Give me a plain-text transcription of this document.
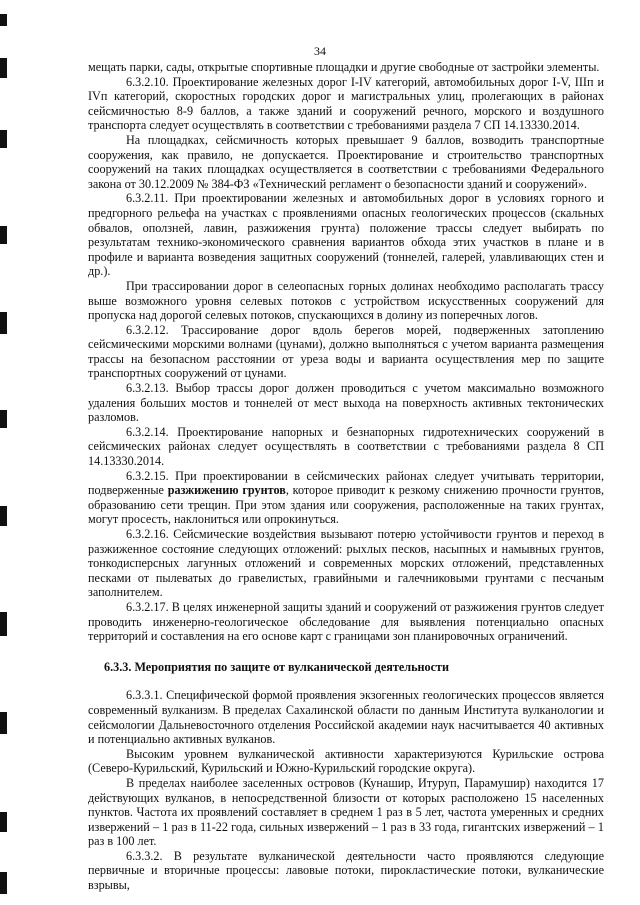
34

мещать парки, сады, открытые спортивные площадки и другие свободные от застройки элементы.

6.3.2.10. Проектирование железных дорог I-IV категорий, автомобильных дорог I-V, IIIп и IVп категорий, скоростных городских дорог и магистральных улиц, пролегающих в районах сейсмичностью 8-9 баллов, а также зданий и сооружений речного, морского и воздушного транспорта следует осуществлять в соответствии с требованиями раздела 7 СП 14.13330.2014.

На площадках, сейсмичность которых превышает 9 баллов, возводить транспортные сооружения, как правило, не допускается. Проектирование и строительство транспортных сооружений на таких площадках осуществляется в соответствии с требованиями Федерального закона от 30.12.2009 № 384-ФЗ «Технический регламент о безопасности зданий и сооружений».

6.3.2.11. При проектировании железных и автомобильных дорог в условиях горного и предгорного рельефа на участках с проявлениями опасных геологических процессов (скальных обвалов, оползней, лавин, разжижения грунта) положение трассы следует выбирать по результатам технико-экономического сравнения вариантов обхода этих участков в плане и в профиле и варианта возведения защитных сооружений (тоннелей, галерей, улавливающих стен и др.).

При трассировании дорог в селеопасных горных долинах необходимо располагать трассу выше возможного уровня селевых потоков с устройством искусственных сооружений для пропуска над дорогой селевых потоков, спускающихся в долину из поперечных логов.

6.3.2.12. Трассирование дорог вдоль берегов морей, подверженных затоплению сейсмическими морскими волнами (цунами), должно выполняться с учетом варианта размещения трассы на безопасном расстоянии от уреза воды и варианта осуществления мер по защите транспортных сооружений от цунами.

6.3.2.13. Выбор трассы дорог должен проводиться с учетом максимально возможного удаления больших мостов и тоннелей от мест выхода на поверхность активных тектонических разломов.

6.3.2.14. Проектирование напорных и безнапорных гидротехнических сооружений в сейсмических районах следует осуществлять в соответствии с требованиями раздела 8 СП 14.13330.2014.

6.3.2.15. При проектировании в сейсмических районах следует учитывать территории, подверженные разжижению грунтов, которое приводит к резкому снижению прочности грунтов, образованию сети трещин. При этом здания или сооружения, расположенные на таких грунтах, могут просесть, наклониться или опрокинуться.

6.3.2.16. Сейсмические воздействия вызывают потерю устойчивости грунтов и переход в разжиженное состояние следующих отложений: рыхлых песков, насыпных и намывных грунтов, тонкодисперсных лагунных отложений и современных морских отложений, представленных песками от пылеватых до гравелистых, гравийными и галечниковыми грунтами с песчаным заполнителем.

6.3.2.17. В целях инженерной защиты зданий и сооружений от разжижения грунтов следует проводить инженерно-геологическое обследование для выявления потенциально опасных территорий и составления на его основе карт с границами зон планировочных ограничений.

6.3.3. Мероприятия по защите от вулканической деятельности

6.3.3.1. Специфической формой проявления экзогенных геологических процессов является современный вулканизм. В пределах Сахалинской области по данным Института вулканологии и сейсмологии Дальневосточного отделения Российской академии наук насчитывается 40 активных и потенциально активных вулканов.

Высоким уровнем вулканической активности характеризуются Курильские острова (Северо-Курильский, Курильский и Южно-Курильский городские округа).

В пределах наиболее заселенных островов (Кунашир, Итуруп, Парамушир) находится 17 действующих вулканов, в непосредственной близости от которых расположено 15 населенных пунктов. Частота их проявлений составляет в среднем 1 раз в 5 лет, частота умеренных и средних извержений – 1 раз в 11-22 года, сильных извержений – 1 раз в 33 года, гигантских извержений – 1 раз в 100 лет.

6.3.3.2. В результате вулканической деятельности часто проявляются следующие первичные и вторичные процессы: лавовые потоки, пирокластические потоки, вулканические взрывы,
